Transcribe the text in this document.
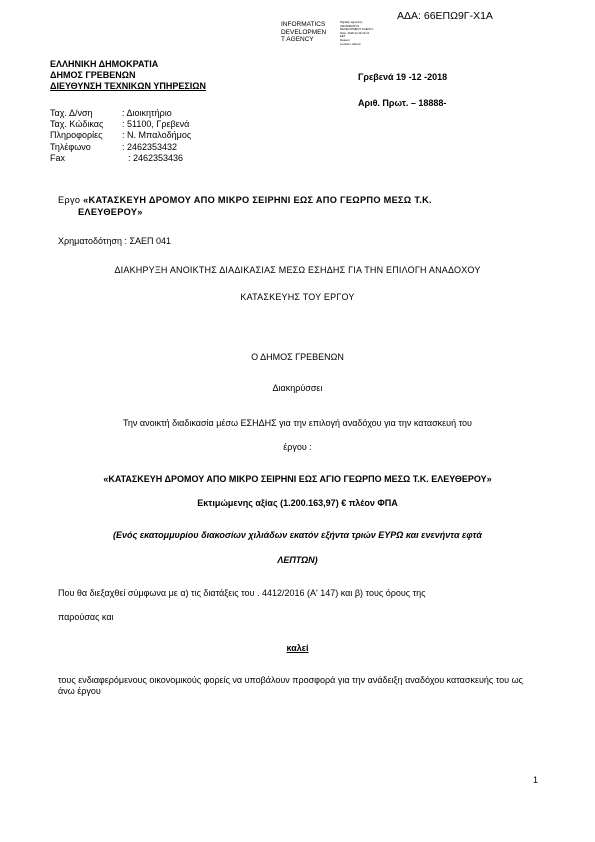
ΑΔΑ: 66ΕΠΩ9Γ-Χ1Α
INFORMATICS
DEVELOPMEN
T AGENCY
Digitally signed by
INFORMATICS
DEVELOPMENT AGENCY
Date: 2018.12.19 12:21
EET
Reason:
Location: Athens
ΕΛΛΗΝΙΚΗ ΔΗΜΟΚΡΑΤΙΑ
ΔΗΜΟΣ ΓΡΕΒΕΝΩΝ
ΔΙΕΥΘΥΝΣΗ ΤΕΧΝΙΚΩΝ ΥΠΗΡΕΣΙΩΝ
Γρεβενά 19 -12 -2018
Αριθ. Πρωτ. – 18888-
Ταχ. Δ/νση	: Διοικητήριο
Ταχ. Κώδικας : 51100, Γρεβενά
Πληροφορίες : Ν. Μπαλοδήμος
Τηλέφωνο	: 2462353432
Fax	: 2462353436
Εργο «ΚΑΤΑΣΚΕΥΗ ΔΡΟΜΟΥ ΑΠΟ ΜΙΚΡΟ ΣΕΙΡΗΝΙ ΕΩΣ ΑΠΟ ΓΕΩΡΠΟ ΜΕΣΩ Τ.Κ.
ΕΛΕΥΘΕΡΟΥ»
Χρηματοδότηση : ΣΑΕΠ 041
ΔΙΑΚΗΡΥΞΗ ΑΝΟΙΚΤΗΣ ΔΙΑΔΙΚΑΣΙΑΣ ΜΕΣΩ ΕΣΗΔΗΣ ΓΙΑ ΤΗΝ ΕΠΙΛΟΓΗ ΑΝΑΔΟΧΟΥ
ΚΑΤΑΣΚΕΥΗΣ ΤΟΥ ΕΡΓΟΥ
Ο ΔΗΜΟΣ ΓΡΕΒΕΝΩΝ
Διακηρύσσει
Την ανοικτή διαδικασία μέσω ΕΣΗΔΗΣ για την επιλογή αναδόχου για την κατασκευή του
έργου :
«ΚΑΤΑΣΚΕΥΗ ΔΡΟΜΟΥ ΑΠΟ ΜΙΚΡΟ ΣΕΙΡΗΝΙ ΕΩΣ ΑΓΙΟ ΓΕΩΡΠΟ ΜΕΣΩ Τ.Κ. ΕΛΕΥΘΕΡΟΥ»
Εκτιμώμενης αξίας (1.200.163,97) € πλέον ΦΠΑ
(Ενός εκατομμυρίου διακοσίων χιλιάδων εκατόν εξήντα τριών ΕΥΡΩ και ενενήντα εφτά
ΛΕΠΤΩΝ)
Που θα διεξαχθεί σύμφωνα με α) τις διατάξεις του . 4412/2016 (Α' 147) και β) τους όρους της
παρούσας και
καλεί
τους ενδιαφερόμενους οικονομικούς φορείς να υποβάλουν προσφορά για την ανάδειξη αναδόχου κατασκευής του ως άνω έργου
1
